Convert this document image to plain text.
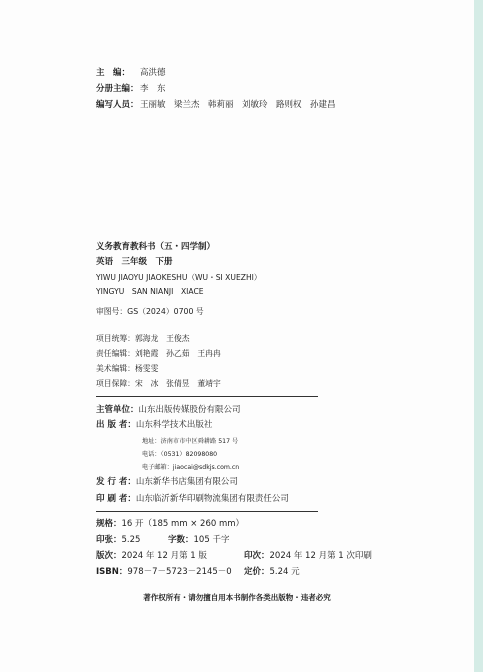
主　编： 高洪德
分册主编：李　东
编写人员：王丽敏　梁兰杰　韩莉丽　刘敏玲　路则权　孙建昌
义务教育教科书（五・四学制）
英语　三年级　下册
YIWU JIAOYU JIAOKESHU（WU・SI XUEZHI）
YINGYU　SAN NIANJI　XIACE
审图号：GS（2024）0700 号
项目统筹：郭海龙　王俊杰
责任编辑：刘艳霞　孙乙茹　王冉冉
美术编辑：杨雯雯
项目保障：宋　冰　张倩昱　董靖宇
主管单位：山东出版传媒股份有限公司
出 版 者：山东科学技术出版社
地址：济南市市中区舜耕路 517 号
电话：（0531）82098080
电子邮箱：jiaocai@sdkjs.com.cn
发 行 者：山东新华书店集团有限公司
印 刷 者：山东临沂新华印刷物流集团有限责任公司
规格：16 开（185 mm × 260 mm）
印张：5.25	字数：105 千字
版次：2024 年 12 月第 1 版	印次：2024 年 12 月第 1 次印刷
ISBN：978－7－5723－2145－0 定价：5.24 元
著作权所有・请勿擅自用本书制作各类出版物・违者必究
